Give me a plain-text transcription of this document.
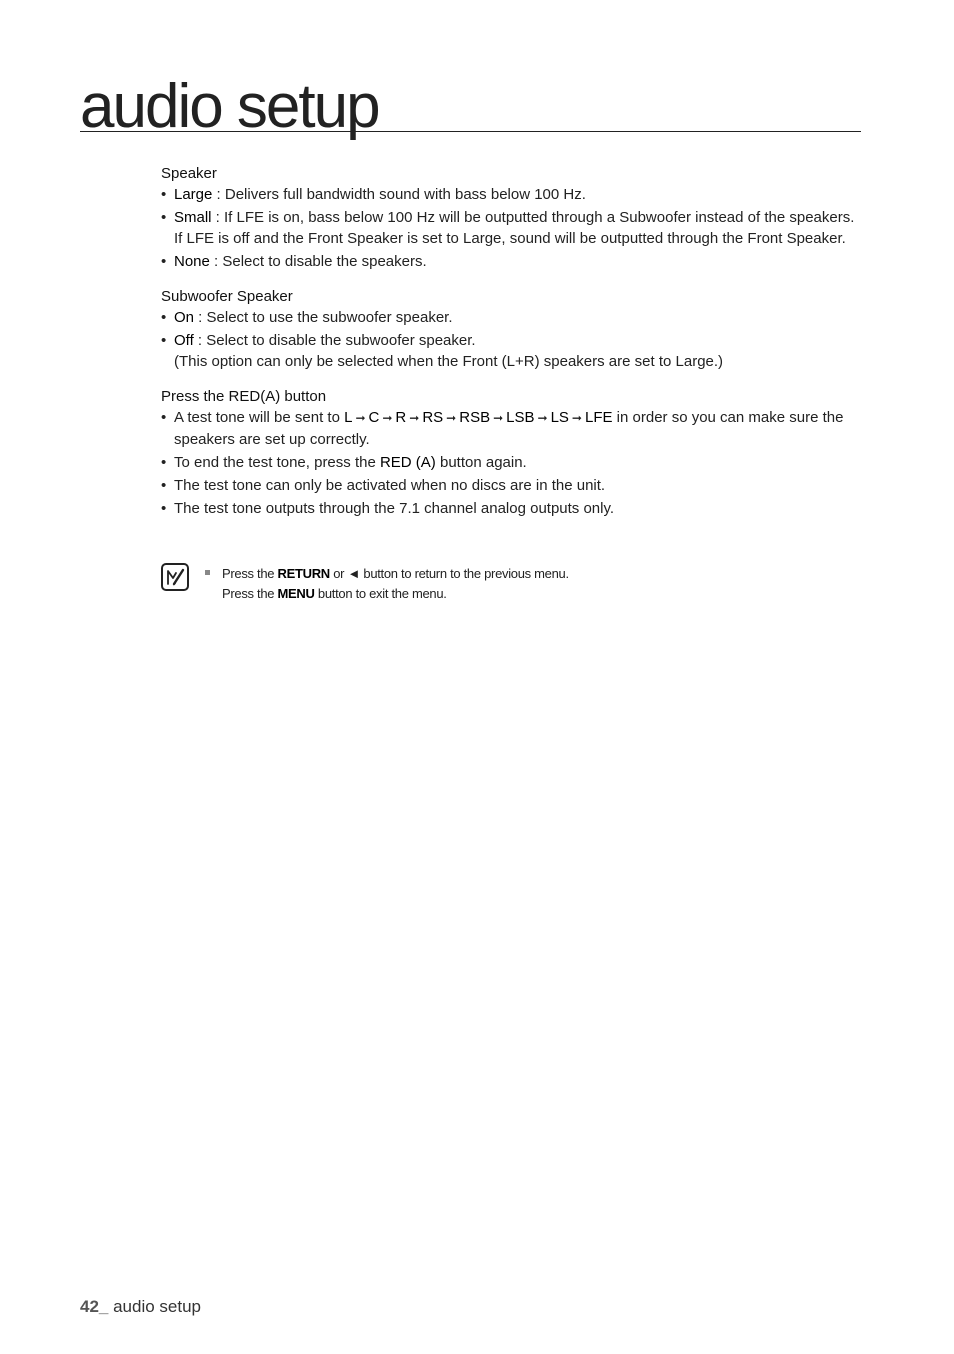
audio setup
Speaker
• Large : Delivers full bandwidth sound with bass below 100 Hz.
• Small : If LFE is on, bass below 100 Hz will be outputted through a Subwoofer instead of the speakers. If LFE is off and the Front Speaker is set to Large, sound will be outputted through the Front Speaker.
• None : Select to disable the speakers.
Subwoofer Speaker
• On : Select to use the subwoofer speaker.
• Off : Select to disable the subwoofer speaker.
(This option can only be selected when the Front (L+R) speakers are set to Large.)
Press the RED(A) button
• A test tone will be sent to L ➞ C ➞ R ➞ RS ➞ RSB ➞ LSB ➞ LS ➞ LFE in order so you can make sure the speakers are set up correctly.
• To end the test tone, press the RED (A) button again.
• The test tone can only be activated when no discs are in the unit.
• The test tone outputs through the 7.1 channel analog outputs only.
Press the RETURN or ◄ button to return to the previous menu.
Press the MENU button to exit the menu.
42_ audio setup
